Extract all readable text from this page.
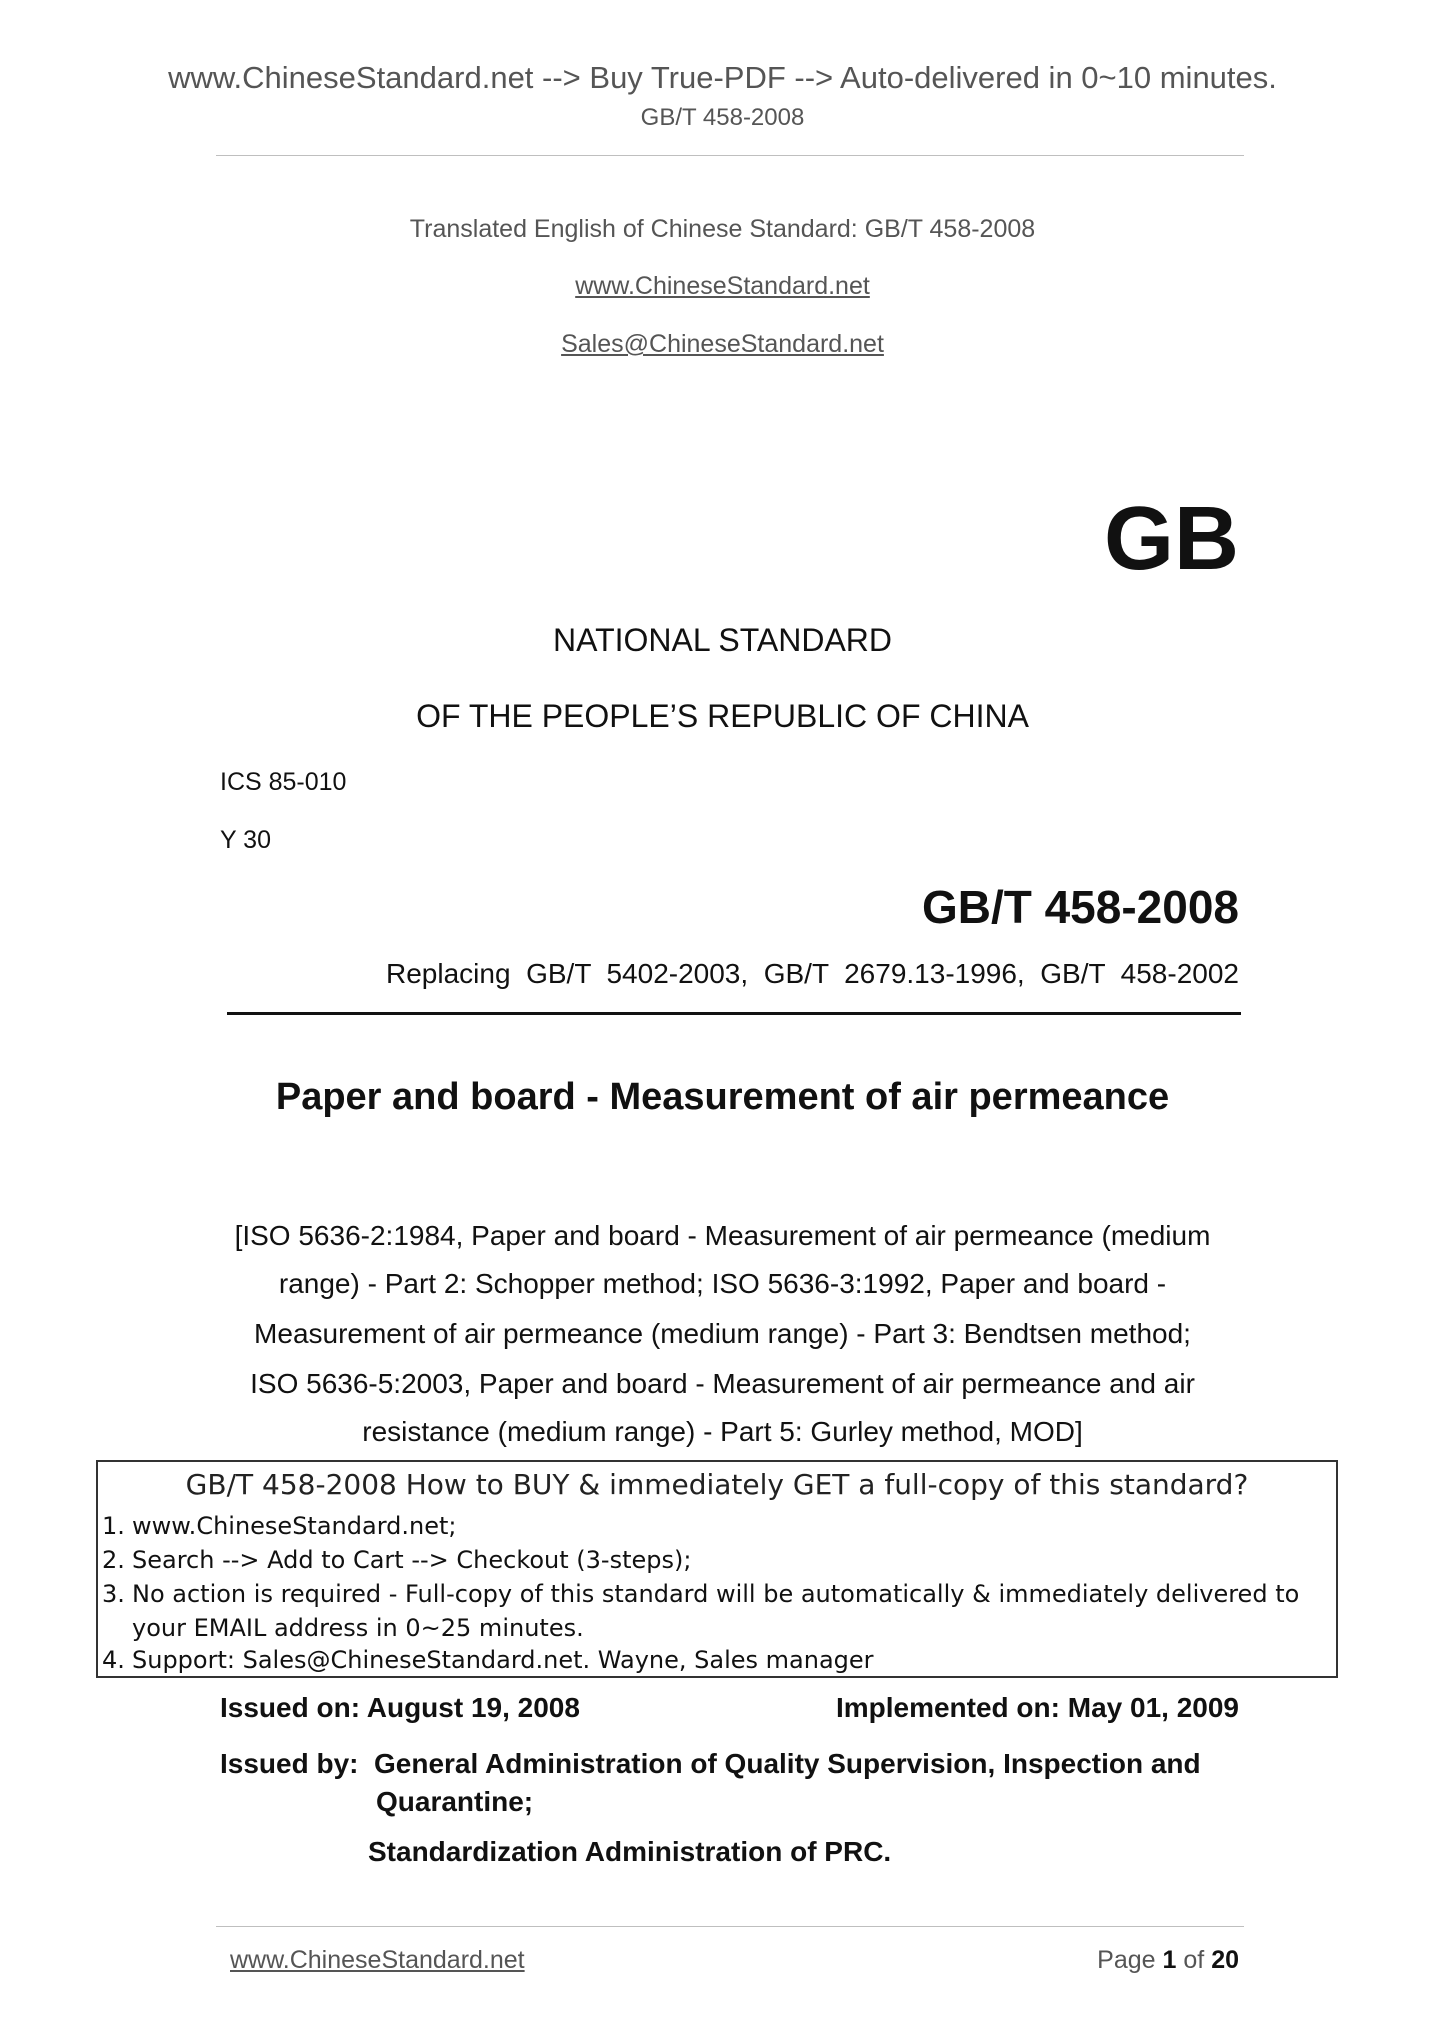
www.ChineseStandard.net --> Buy True-PDF --> Auto-delivered in 0~10 minutes.
GB/T 458-2008
Translated English of Chinese Standard: GB/T 458-2008
www.ChineseStandard.net
Sales@ChineseStandard.net
GB
NATIONAL STANDARD
OF THE PEOPLE’S REPUBLIC OF CHINA
ICS 85-010
Y 30
GB/T 458-2008
Replacing  GB/T  5402-2003,  GB/T  2679.13-1996,  GB/T  458-2002
Paper and board - Measurement of air permeance
[ISO 5636-2:1984, Paper and board - Measurement of air permeance (medium
range) - Part 2: Schopper method; ISO 5636-3:1992, Paper and board -
Measurement of air permeance (medium range) - Part 3: Bendtsen method;
ISO 5636-5:2003, Paper and board - Measurement of air permeance and air
resistance (medium range) - Part 5: Gurley method, MOD]
GB/T 458-2008 How to BUY & immediately GET a full-copy of this standard?
1. www.ChineseStandard.net;
2. Search --> Add to Cart --> Checkout (3-steps);
3. No action is required - Full-copy of this standard will be automatically & immediately delivered to
your EMAIL address in 0~25 minutes.
4. Support: Sales@ChineseStandard.net. Wayne, Sales manager
Issued on: August 19, 2008	Implemented on: May 01, 2009
Issued by: General Administration of Quality Supervision, Inspection and
Quarantine;
Standardization Administration of PRC.
www.ChineseStandard.net	Page 1 of 20
